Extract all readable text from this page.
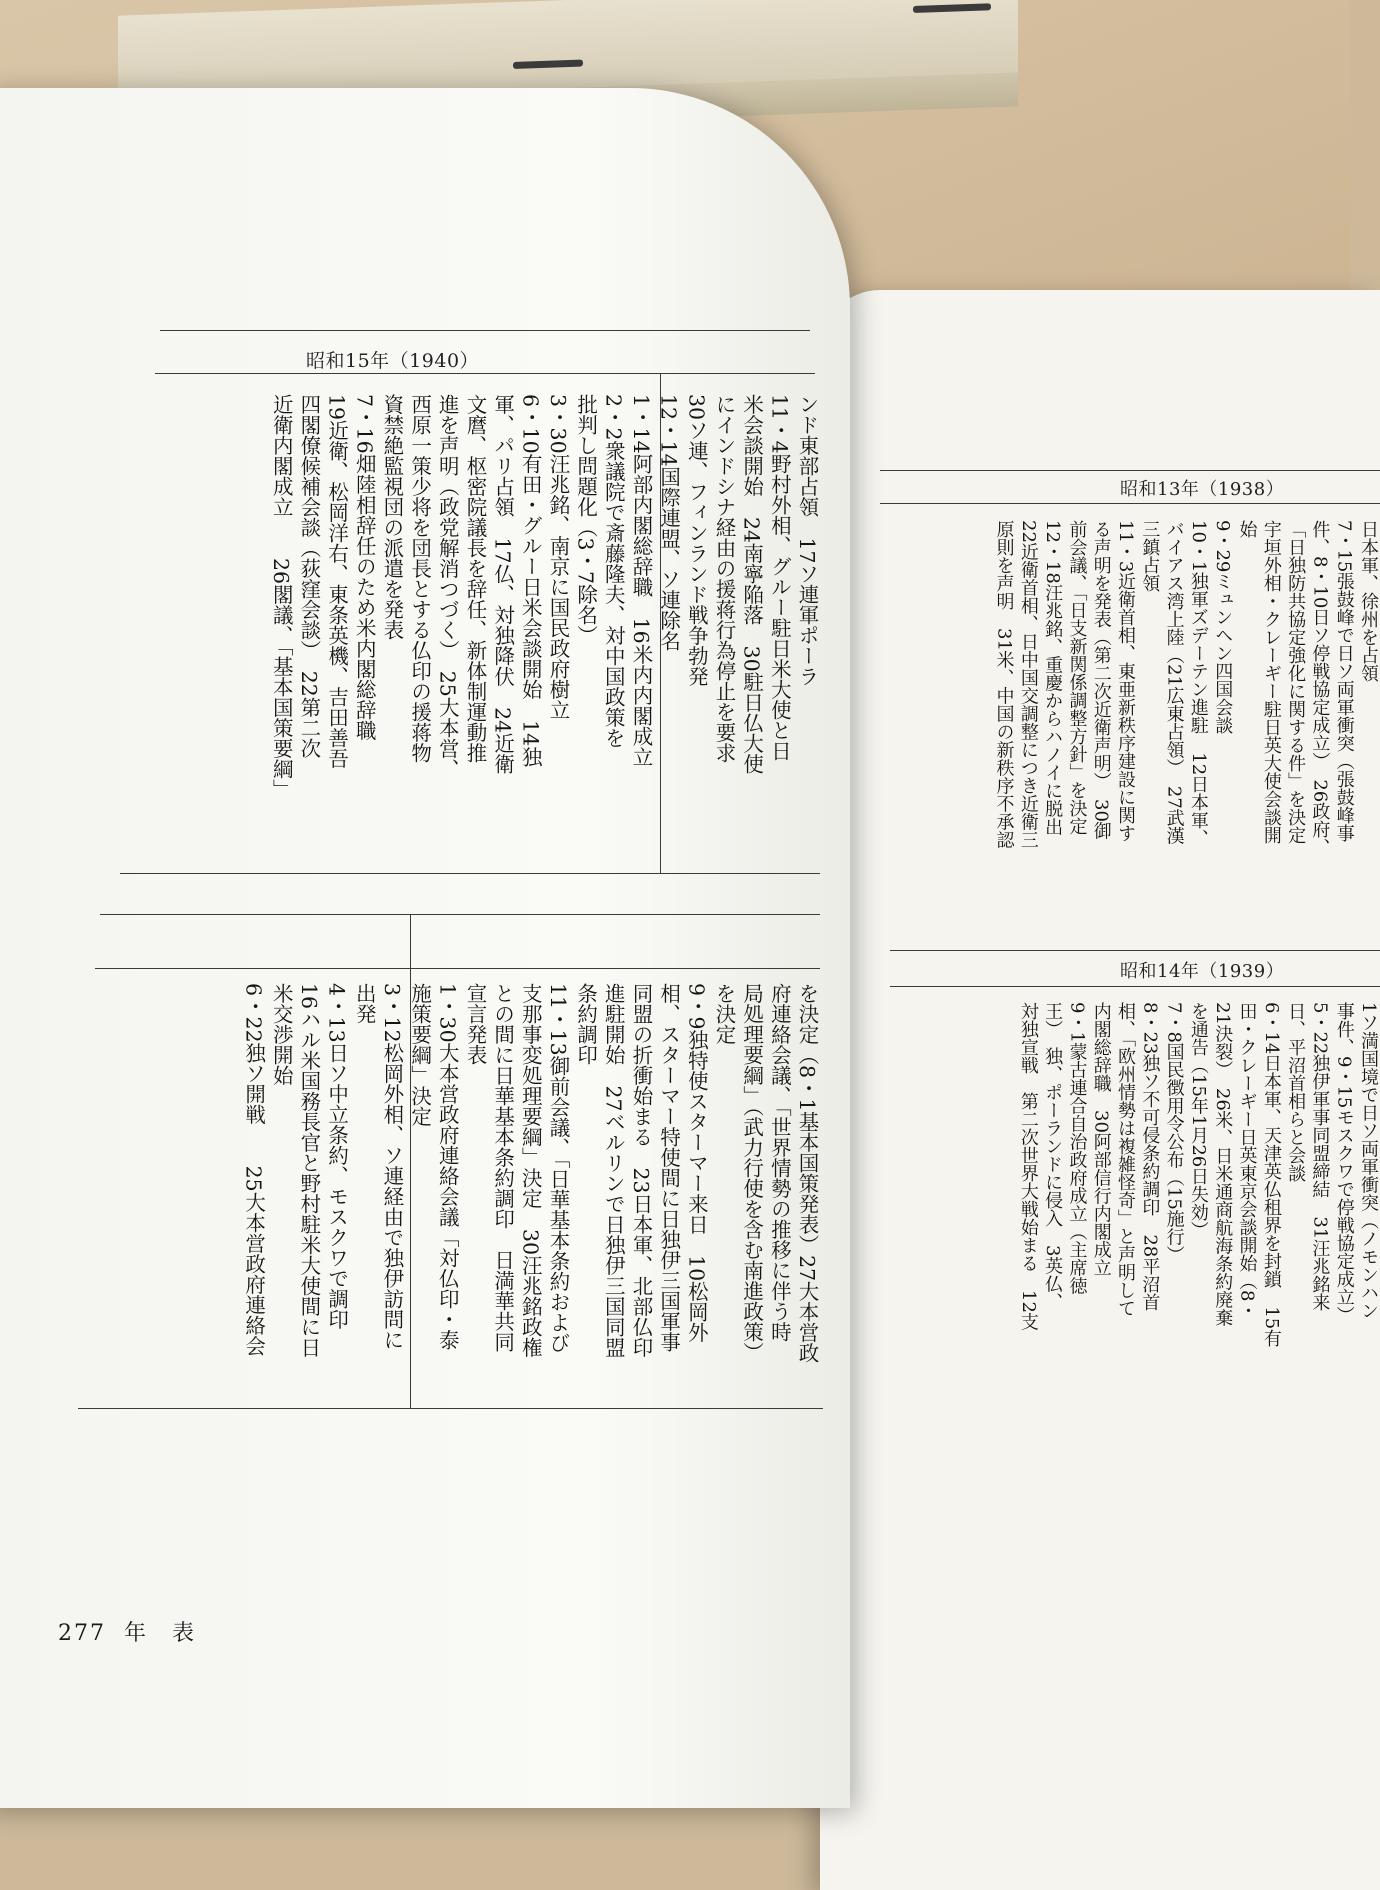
昭和13年（1938）
日本軍、徐州を占領
7・15張鼓峰で日ソ両軍衝突（張鼓峰事
件、8・10日ソ停戦協定成立）　26政府、
「日独防共協定強化に関する件」を決定
宇垣外相・クレーギー駐日英大使会談開
始
9・29ミュンヘン四国会談
10・1独軍ズデーテン進駐　12日本軍、
バイアス湾上陸（21広東占領）　27武漢
三鎮占領
11・3近衛首相、東亜新秩序建設に関す
る声明を発表（第二次近衛声明）　30御
前会議、「日支新関係調整方針」を決定
12・18汪兆銘、重慶からハノイに脱出
22近衛首相、日中国交調整につき近衛三
原則を声明　31米、中国の新秩序不承認
昭和14年（1939）
1ソ満国境で日ソ両軍衝突（ノモンハン
事件、9・15モスクワで停戦協定成立）
5・22独伊軍事同盟締結　31汪兆銘来
日、平沼首相らと会談
6・14日本軍、天津英仏租界を封鎖　15有
田・クレーギー日英東京会談開始（8・
21決裂）　26米、日米通商航海条約廃棄
を通告（15年1月26日失効）
7・8国民徴用令公布（15施行）
8・23独ソ不可侵条約調印　28平沼首
相、「欧州情勢は複雑怪奇」と声明して
内閣総辞職　30阿部信行内閣成立
9・1蒙古連合自治政府成立（主席徳
王）　独、ポーランドに侵入　3英仏、
対独宣戦　第二次世界大戦始まる　12支
昭和15年（1940）
ンド東部占領　17ソ連軍ポーラ
11・4野村外相、グルー駐日米大使と日
米会談開始　24南寧陥落　30駐日仏大使
にインドシナ経由の援蒋行為停止を要求
30ソ連、フィンランド戦争勃発
12・14国際連盟、ソ連除名
1・14阿部内閣総辞職　16米内内閣成立
2・2衆議院で斎藤隆夫、対中国政策を
批判し問題化（3・7除名）
3・30汪兆銘、南京に国民政府樹立
6・10有田・グルー日米会談開始　14独
軍、パリ占領　17仏、対独降伏　24近衛
文麿、枢密院議長を辞任、新体制運動推
進を声明（政党解消つづく）　25大本営、
西原一策少将を団長とする仏印の援蒋物
資禁絶監視団の派遣を発表
7・16畑陸相辞任のため米内閣総辞職
19近衛、松岡洋右、東条英機、吉田善吾
四閣僚候補会談（荻窪会談）　22第二次
近衛内閣成立　　26閣議、「基本国策要綱」
を決定（8・1基本国策発表）27大本営政
府連絡会議、「世界情勢の推移に伴う時
局処理要綱」（武力行使を含む南進政策）
を決定
9・9独特使スターマー来日　10松岡外
相、スターマー特使間に日独伊三国軍事
同盟の折衝始まる　23日本軍、北部仏印
進駐開始　27ベルリンで日独伊三国同盟
条約調印
11・13御前会議、「日華基本条約および
支那事変処理要綱」決定　30汪兆銘政権
との間に日華基本条約調印　日満華共同
宣言発表
1・30大本営政府連絡会議「対仏印・泰
施策要綱」決定
3・12松岡外相、ソ連経由で独伊訪問に
出発
4・13日ソ中立条約、モスクワで調印
16ハル米国務長官と野村駐米大使間に日
米交渉開始
6・22独ソ開戦　　25大本営政府連絡会
277 年　表
